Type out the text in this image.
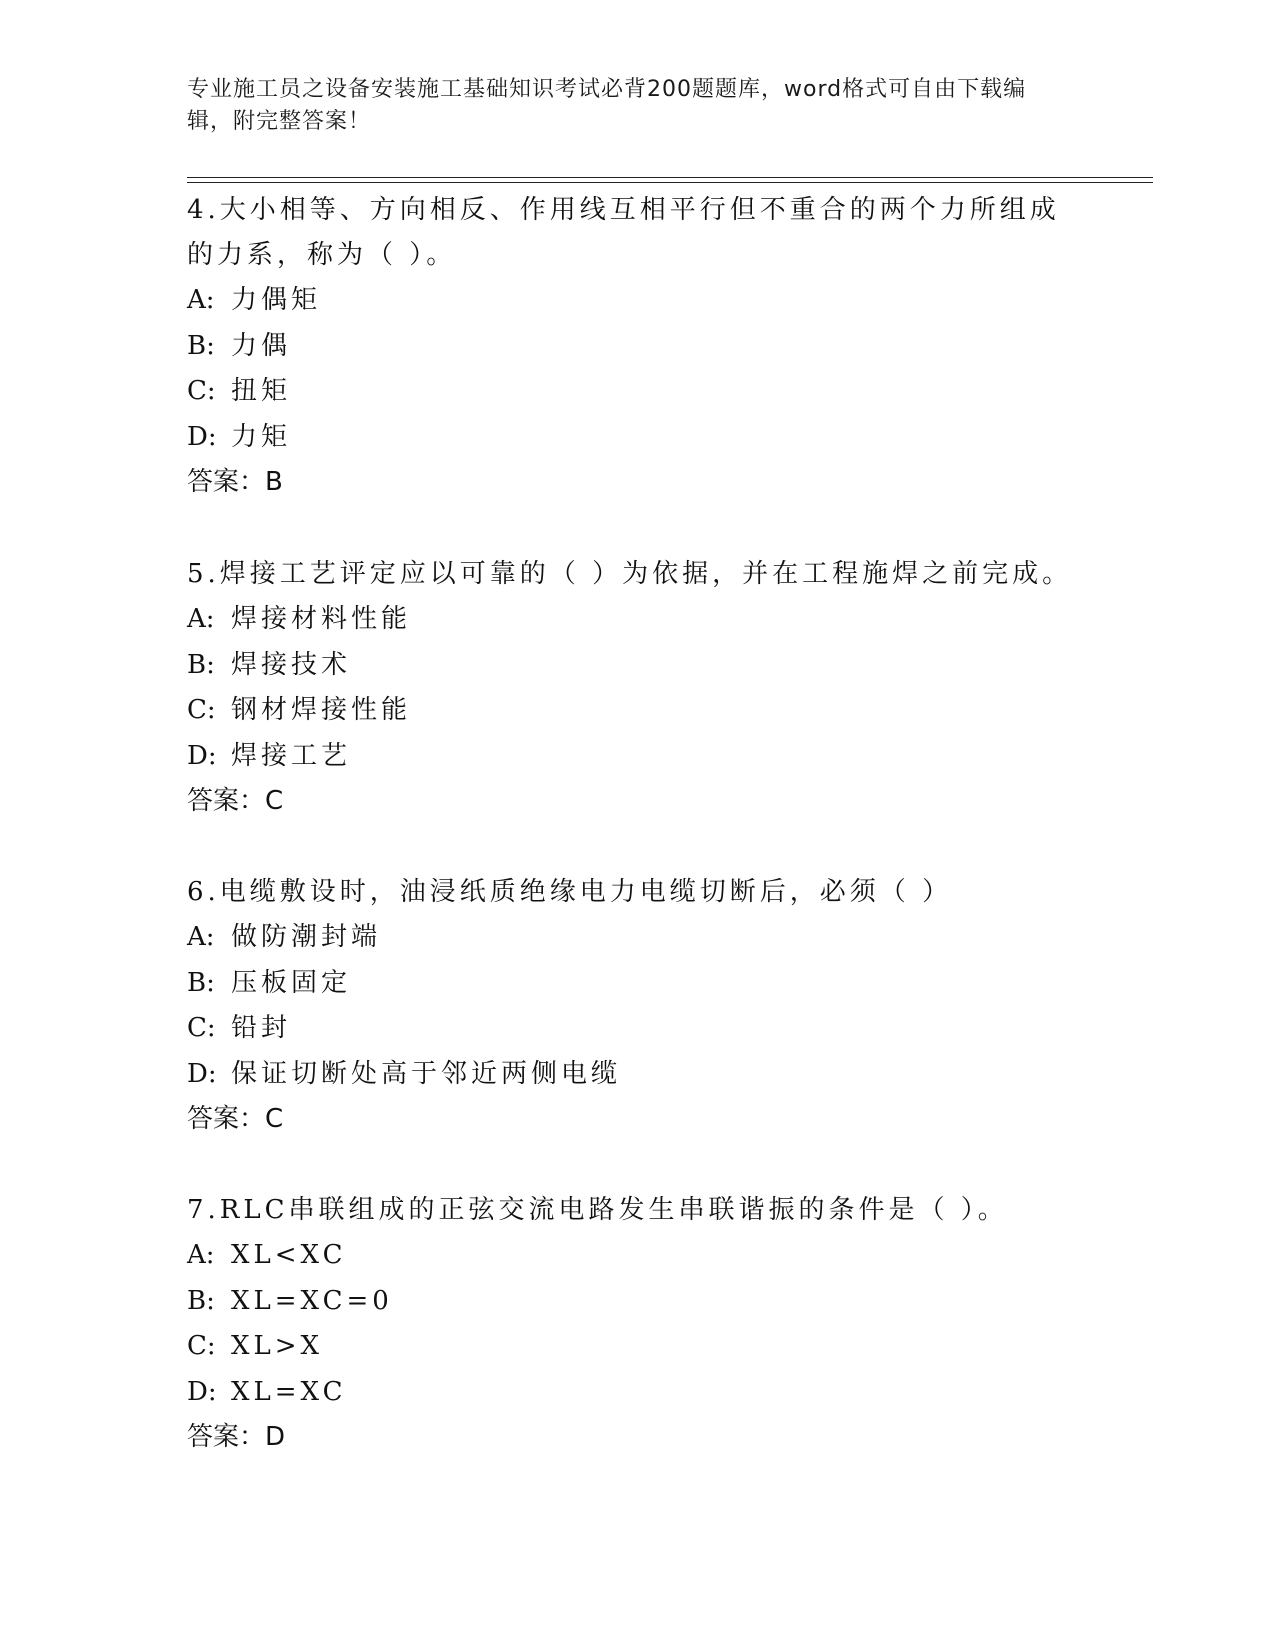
专业施工员之设备安装施工基础知识考试必背200题题库，word格式可自由下载编辑，附完整答案！

4.大小相等、方向相反、作用线互相平行但不重合的两个力所组成的力系，称为（ ）。

A: 力偶矩

B: 力偶

C: 扭矩

D: 力矩

答案：B

5.焊接工艺评定应以可靠的（ ）为依据，并在工程施焊之前完成。

A: 焊接材料性能

B: 焊接技术

C: 钢材焊接性能

D: 焊接工艺

答案：C

6.电缆敷设时，油浸纸质绝缘电力电缆切断后，必须（ ）

A: 做防潮封端

B: 压板固定

C: 铅封

D: 保证切断处高于邻近两侧电缆

答案：C

7.RLC串联组成的正弦交流电路发生串联谐振的条件是（ ）。

A: XL<XC

B: XL=XC=0

C: XL>X

D: XL=XC

答案：D
